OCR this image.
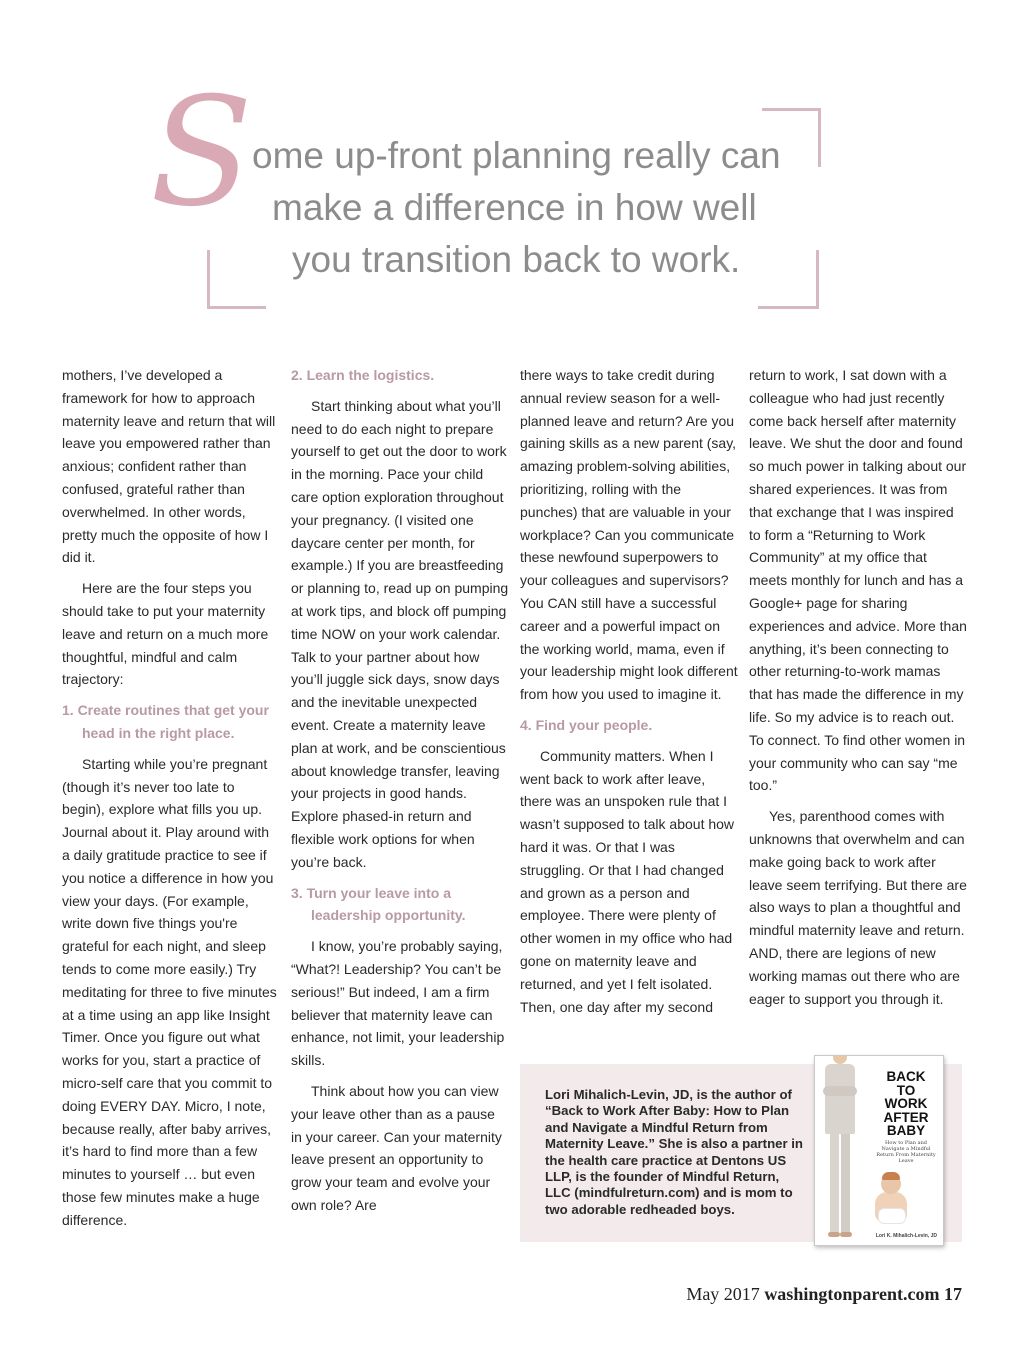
S ome up-front planning really can
make a difference in how well
you transition back to work.

mothers, I’ve developed a framework for how to approach maternity leave and return that will leave you empowered rather than anxious; confident rather than confused, grateful rather than overwhelmed. In other words, pretty much the opposite of how I did it.

Here are the four steps you should take to put your maternity leave and return on a much more thoughtful, mindful and calm trajectory:

1. Create routines that get your head in the right place.

Starting while you’re pregnant (though it’s never too late to begin), explore what fills you up. Journal about it. Play around with a daily gratitude practice to see if you notice a difference in how you view your days. (For example, write down five things you're grateful for each night, and sleep tends to come more easily.) Try meditating for three to five minutes at a time using an app like Insight Timer. Once you figure out what works for you, start a practice of micro-self care that you commit to doing EVERY DAY. Micro, I note, because really, after baby arrives, it’s hard to find more than a few minutes to yourself … but even those few minutes make a huge difference.

2. Learn the logistics.

Start thinking about what you’ll need to do each night to prepare yourself to get out the door to work in the morning. Pace your child care option exploration throughout your pregnancy. (I visited one daycare center per month, for example.) If you are breastfeeding or planning to, read up on pumping at work tips, and block off pumping time NOW on your work calendar. Talk to your partner about how you’ll juggle sick days, snow days and the inevitable unexpected event. Create a maternity leave plan at work, and be conscientious about knowledge transfer, leaving your projects in good hands. Explore phased-in return and flexible work options for when you’re back.

3. Turn your leave into a leadership opportunity.

I know, you’re probably saying, “What?! Leadership? You can’t be serious!” But indeed, I am a firm believer that maternity leave can enhance, not limit, your leadership skills.

Think about how you can view your leave other than as a pause in your career. Can your maternity leave present an opportunity to grow your team and evolve your own role? Are

there ways to take credit during annual review season for a well-planned leave and return? Are you gaining skills as a new parent (say, amazing problem-solving abilities, prioritizing, rolling with the punches) that are valuable in your workplace? Can you communicate these newfound superpowers to your colleagues and supervisors? You CAN still have a successful career and a powerful impact on the working world, mama, even if your leadership might look different from how you used to imagine it.

4. Find your people.

Community matters. When I went back to work after leave, there was an unspoken rule that I wasn’t supposed to talk about how hard it was. Or that I was struggling. Or that I had changed and grown as a person and employee. There were plenty of other women in my office who had gone on maternity leave and returned, and yet I felt isolated. Then, one day after my second

return to work, I sat down with a colleague who had just recently come back herself after maternity leave. We shut the door and found so much power in talking about our shared experiences. It was from that exchange that I was inspired to form a “Returning to Work Community” at my office that meets monthly for lunch and has a Google+ page for sharing experiences and advice. More than anything, it’s been connecting to other returning-to-work mamas that has made the difference in my life. So my advice is to reach out. To connect. To find other women in your community who can say “me too.”

Yes, parenthood comes with unknowns that overwhelm and can make going back to work after leave seem terrifying. But there are also ways to plan a thoughtful and mindful maternity leave and return. AND, there are legions of new working mamas out there who are eager to support you through it.

Lori Mihalich-Levin, JD, is the author of “Back to Work After Baby: How to Plan and Navigate a Mindful Return from Maternity Leave.” She is also a partner in the health care practice at Dentons US LLP, is the founder of Mindful Return, LLC (mindfulreturn.com) and is mom to two adorable redheaded boys.
BACK
TO
WORK
AFTER
BABY
How to Plan and Navigate a Mindful Return From Maternity Leave
Lori K. Mihalich-Levin, JD
May 2017 washingtonparent.com 17
